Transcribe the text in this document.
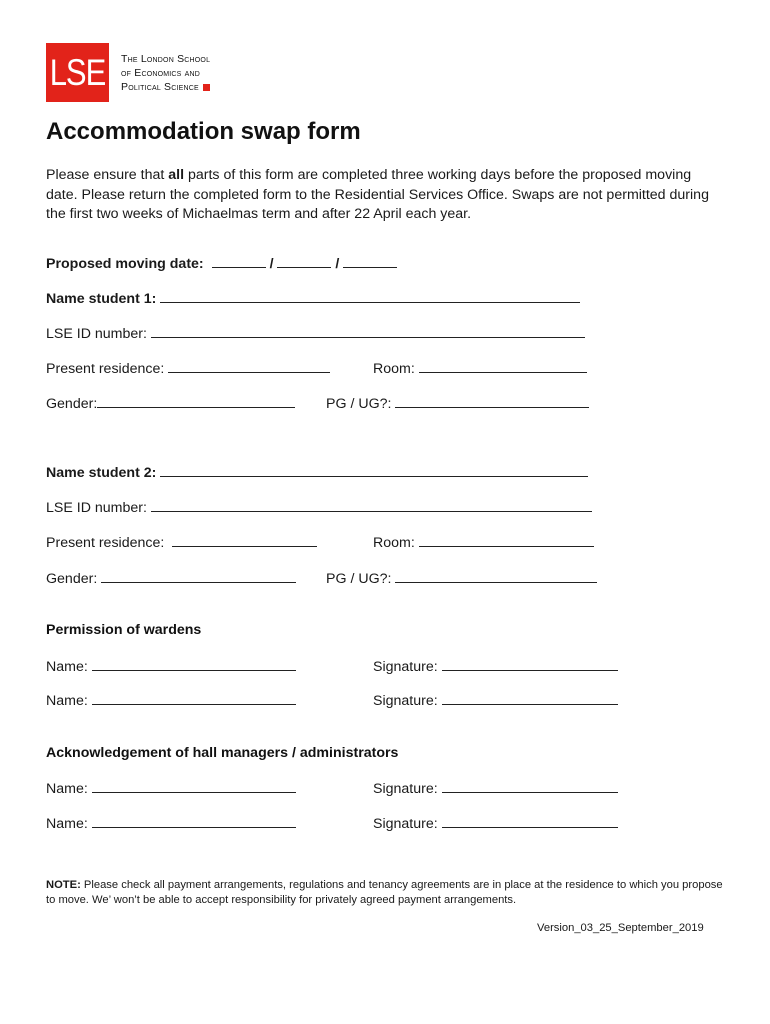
LSE The London School
of Economics and
Political Science
Accommodation swap form
Please ensure that all parts of this form are completed three working days before the proposed moving date. Please return the completed form to the Residential Services Office. Swaps are not permitted during the first two weeks of Michaelmas term and after 22 April each year.
Proposed moving date:	/	/
Name student 1:
LSE ID number:
Present residence:	Room:
Gender:	PG / UG?:
Name student 2:
LSE ID number:
Present residence:	Room:
Gender:	PG / UG?:
Permission of wardens
Name:	Signature:
Name:	Signature:
Acknowledgement of hall managers / administrators
Name:	Signature:
Name:	Signature:
NOTE: Please check all payment arrangements, regulations and tenancy agreements are in place at the residence to which you propose to move. We’ won’t be able to accept responsibility for privately agreed payment arrangements.
Version_03_25_September_2019
